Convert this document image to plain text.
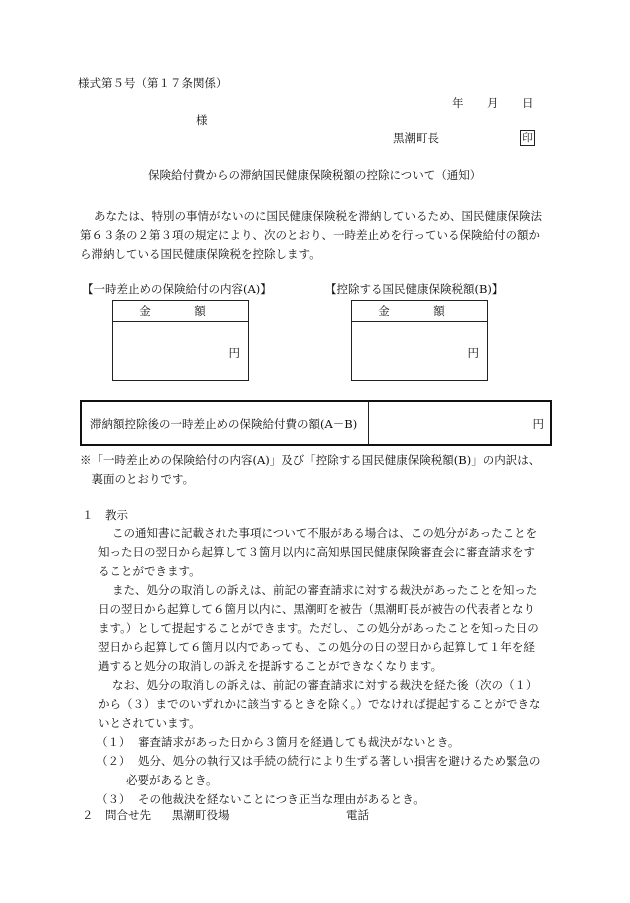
様式第５号（第１７条関係）
年 月 日
様
黒潮町長	印
保険給付費からの滞納国民健康保険税額の控除について（通知）
あなたは、特別の事情がないのに国民健康保険税を滞納しているため、国民健康保険法
第６３条の２第３項の規定により、次のとおり、一時差止めを行っている保険給付の額か
ら滞納している国民健康保険税を控除します。
【一時差止めの保険給付の内容(A)】
金　額
円
【控除する国民健康保険税額(B)】
金　額
円
滞納額控除後の一時差止めの保険給付費の額(A－B)	円
※「一時差止めの保険給付の内容(A)」及び「控除する国民健康保険税額(B)」の内訳は、
　裏面のとおりです。
１　教示
この通知書に記載された事項について不服がある場合は、この処分があったことを
知った日の翌日から起算して３箇月以内に高知県国民健康保険審査会に審査請求をす
ることができます。
また、処分の取消しの訴えは、前記の審査請求に対する裁決があったことを知った
日の翌日から起算して６箇月以内に、黒潮町を被告（黒潮町長が被告の代表者となり
ます。）として提起することができます。ただし、この処分があったことを知った日の
翌日から起算して６箇月以内であっても、この処分の日の翌日から起算して１年を経
過すると処分の取消しの訴えを提訴することができなくなります。
なお、処分の取消しの訴えは、前記の審査請求に対する裁決を経た後（次の（１）
から（３）までのいずれかに該当するときを除く。）でなければ提起することができな
いとされています。
（１） 審査請求があった日から３箇月を経過しても裁決がないとき。
（２） 処分、処分の執行又は手続の続行により生ずる著しい損害を避けるため緊急の
必要があるとき。
（３） その他裁決を経ないことにつき正当な理由があるとき。
２　問合せ先 黒潮町役場	電話
